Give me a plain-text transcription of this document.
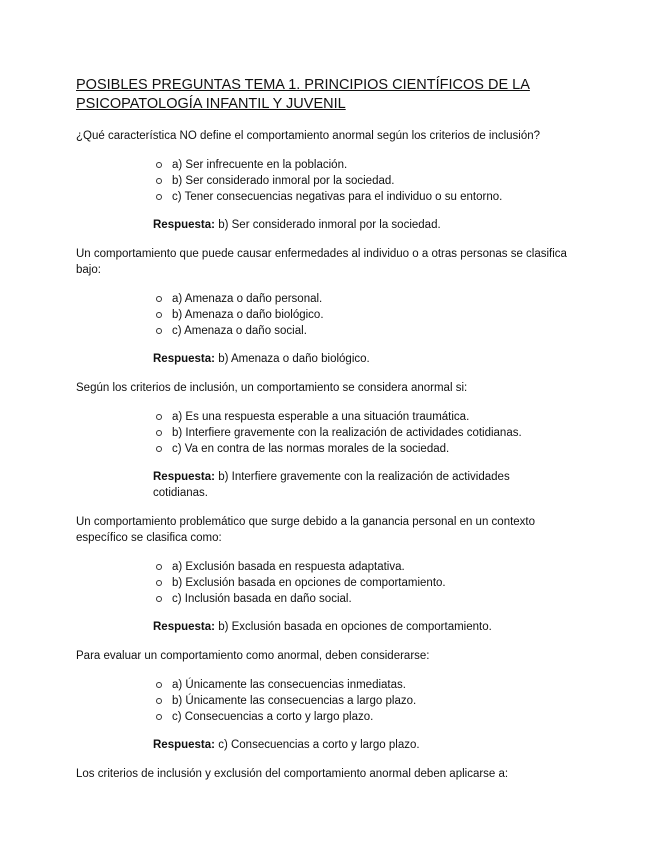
POSIBLES PREGUNTAS TEMA 1. PRINCIPIOS CIENTÍFICOS DE LA PSICOPATOLOGÍA INFANTIL Y JUVENIL

¿Qué característica NO define el comportamiento anormal según los criterios de inclusión?

a) Ser infrecuente en la población.
b) Ser considerado inmoral por la sociedad.
c) Tener consecuencias negativas para el individuo o su entorno.

Respuesta: b) Ser considerado inmoral por la sociedad.

Un comportamiento que puede causar enfermedades al individuo o a otras personas se clasifica bajo:

a) Amenaza o daño personal.
b) Amenaza o daño biológico.
c) Amenaza o daño social.

Respuesta: b) Amenaza o daño biológico.

Según los criterios de inclusión, un comportamiento se considera anormal si:

a) Es una respuesta esperable a una situación traumática.
b) Interfiere gravemente con la realización de actividades cotidianas.
c) Va en contra de las normas morales de la sociedad.

Respuesta: b) Interfiere gravemente con la realización de actividades cotidianas.

Un comportamiento problemático que surge debido a la ganancia personal en un contexto específico se clasifica como:

a) Exclusión basada en respuesta adaptativa.
b) Exclusión basada en opciones de comportamiento.
c) Inclusión basada en daño social.

Respuesta: b) Exclusión basada en opciones de comportamiento.

Para evaluar un comportamiento como anormal, deben considerarse:

a) Únicamente las consecuencias inmediatas.
b) Únicamente las consecuencias a largo plazo.
c) Consecuencias a corto y largo plazo.

Respuesta: c) Consecuencias a corto y largo plazo.

Los criterios de inclusión y exclusión del comportamiento anormal deben aplicarse a:
